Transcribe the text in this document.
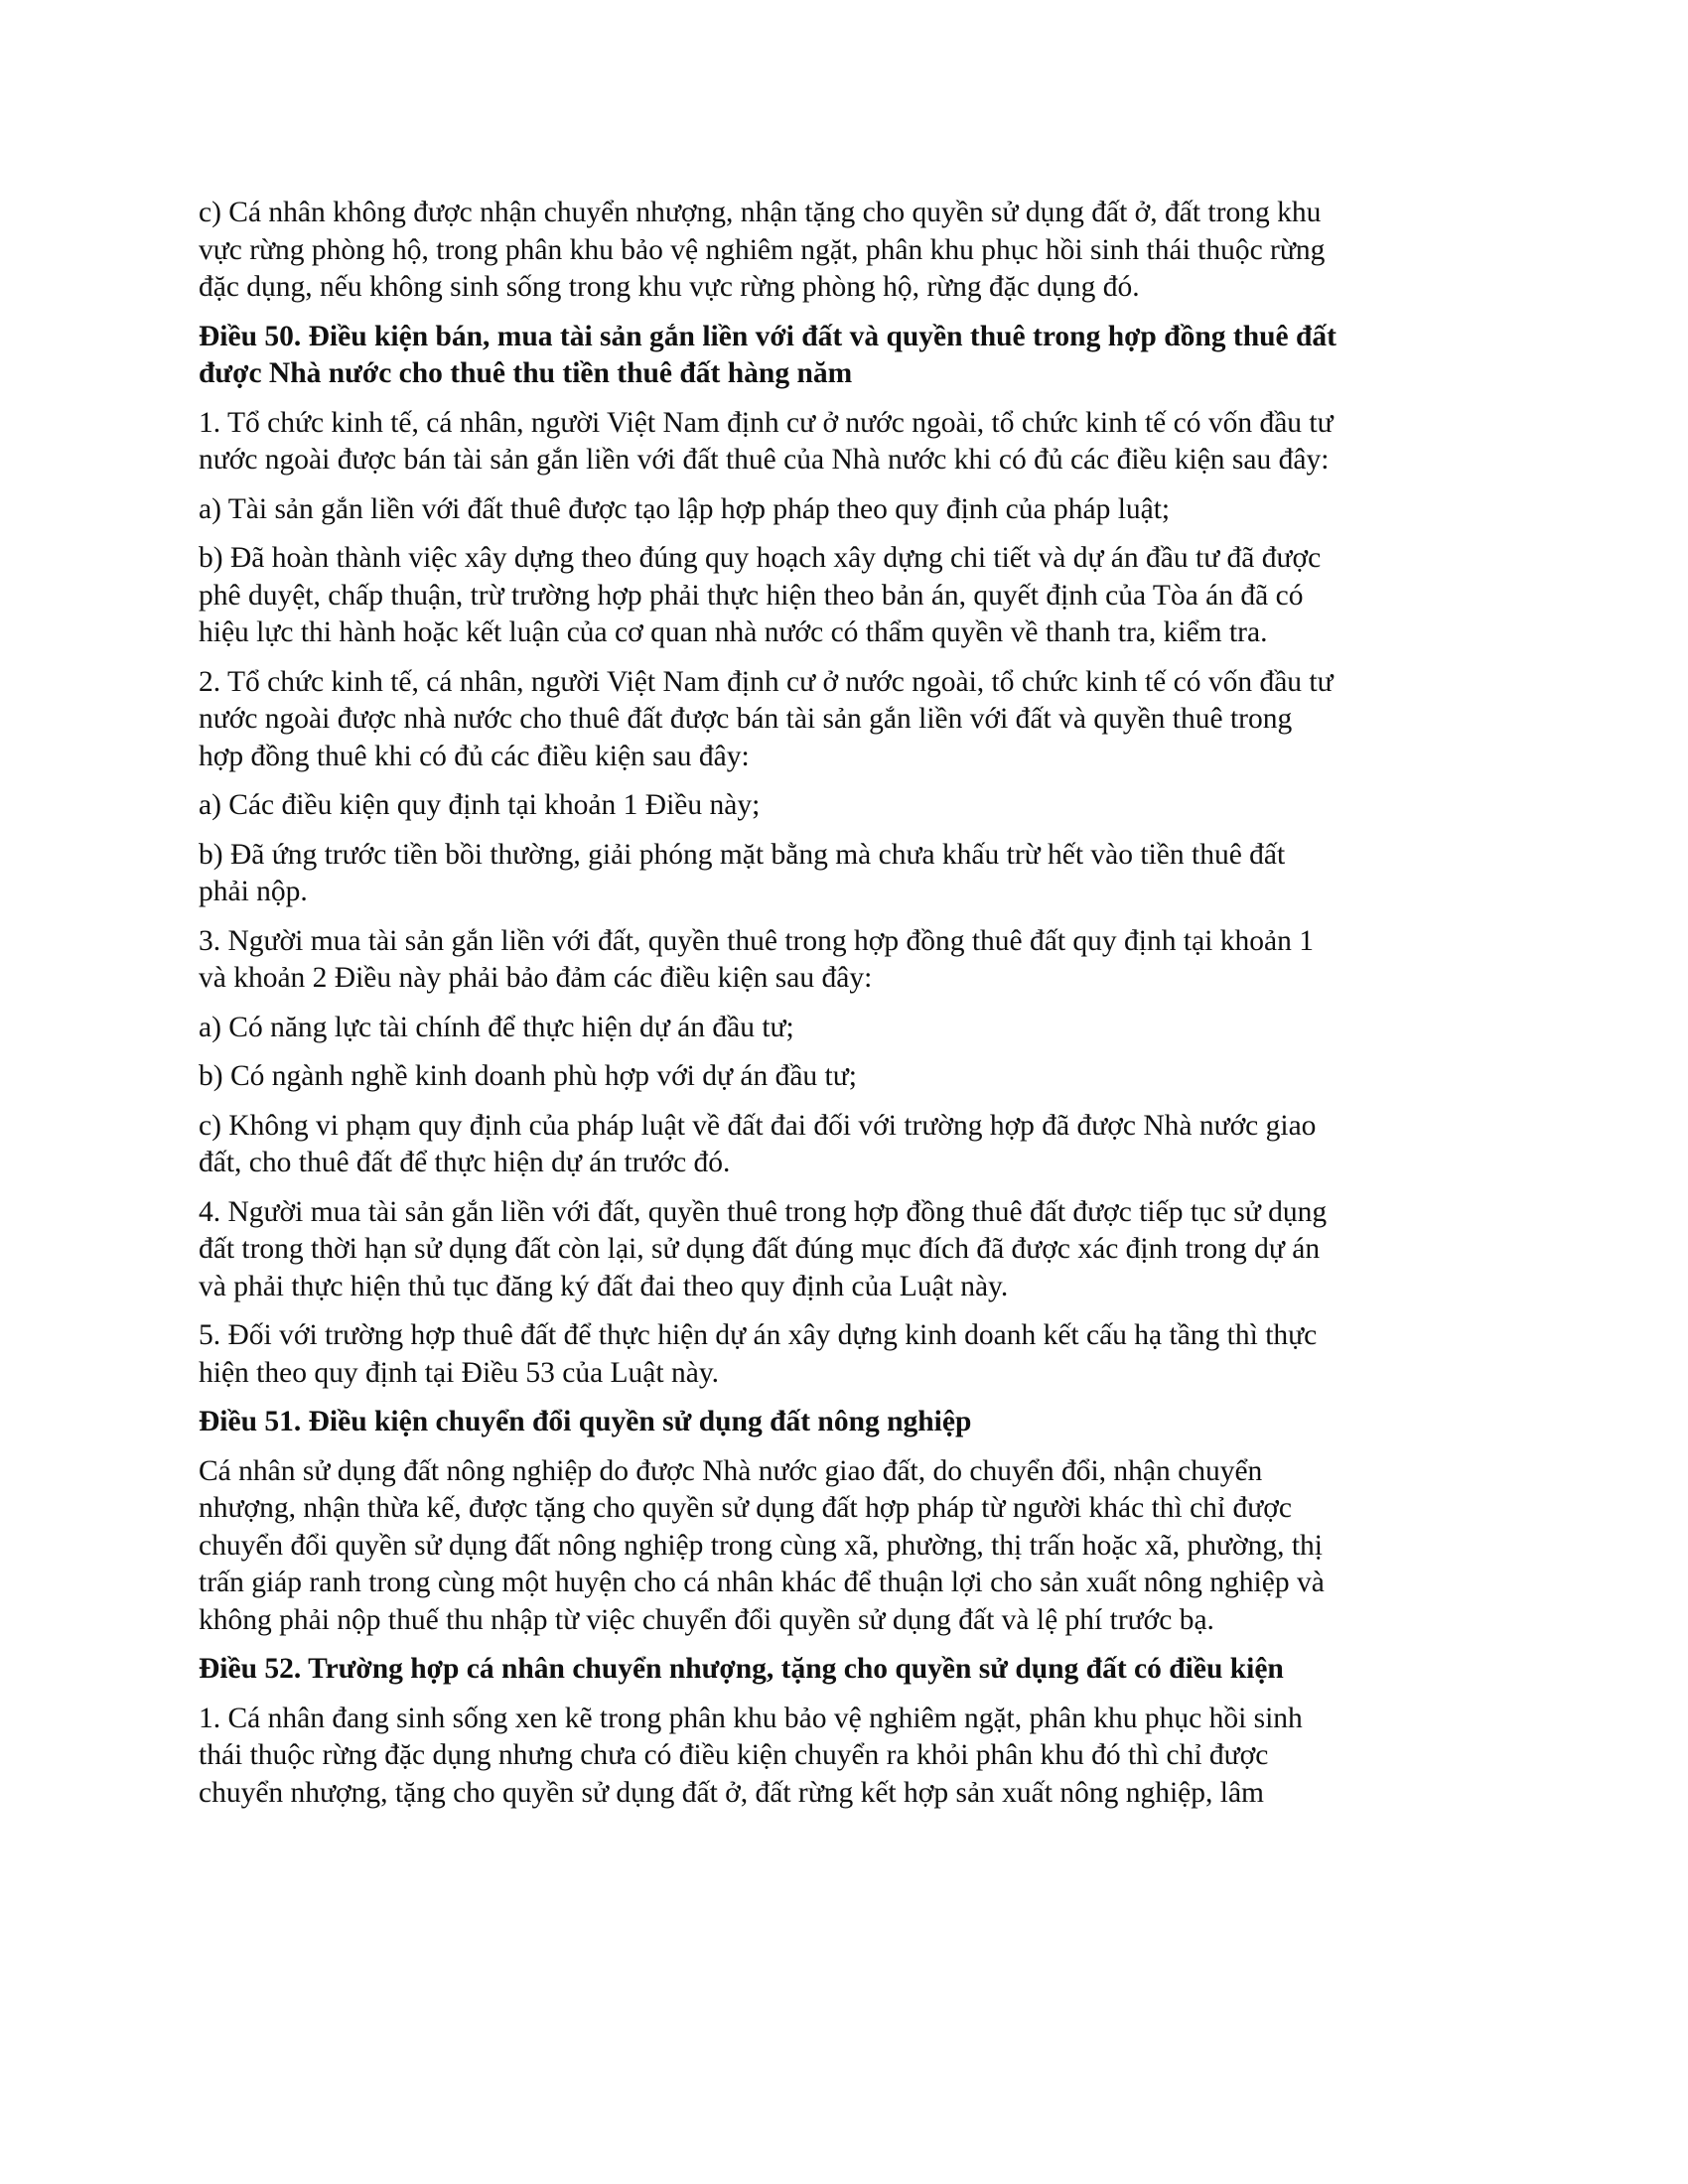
c) Cá nhân không được nhận chuyển nhượng, nhận tặng cho quyền sử dụng đất ở, đất trong khu
vực rừng phòng hộ, trong phân khu bảo vệ nghiêm ngặt, phân khu phục hồi sinh thái thuộc rừng
đặc dụng, nếu không sinh sống trong khu vực rừng phòng hộ, rừng đặc dụng đó.

Điều 50. Điều kiện bán, mua tài sản gắn liền với đất và quyền thuê trong hợp đồng thuê đất
được Nhà nước cho thuê thu tiền thuê đất hàng năm

1. Tổ chức kinh tế, cá nhân, người Việt Nam định cư ở nước ngoài, tổ chức kinh tế có vốn đầu tư
nước ngoài được bán tài sản gắn liền với đất thuê của Nhà nước khi có đủ các điều kiện sau đây:

a) Tài sản gắn liền với đất thuê được tạo lập hợp pháp theo quy định của pháp luật;

b) Đã hoàn thành việc xây dựng theo đúng quy hoạch xây dựng chi tiết và dự án đầu tư đã được
phê duyệt, chấp thuận, trừ trường hợp phải thực hiện theo bản án, quyết định của Tòa án đã có
hiệu lực thi hành hoặc kết luận của cơ quan nhà nước có thẩm quyền về thanh tra, kiểm tra.

2. Tổ chức kinh tế, cá nhân, người Việt Nam định cư ở nước ngoài, tổ chức kinh tế có vốn đầu tư
nước ngoài được nhà nước cho thuê đất được bán tài sản gắn liền với đất và quyền thuê trong
hợp đồng thuê khi có đủ các điều kiện sau đây:

a) Các điều kiện quy định tại khoản 1 Điều này;

b) Đã ứng trước tiền bồi thường, giải phóng mặt bằng mà chưa khấu trừ hết vào tiền thuê đất
phải nộp.

3. Người mua tài sản gắn liền với đất, quyền thuê trong hợp đồng thuê đất quy định tại khoản 1
và khoản 2 Điều này phải bảo đảm các điều kiện sau đây:

a) Có năng lực tài chính để thực hiện dự án đầu tư;

b) Có ngành nghề kinh doanh phù hợp với dự án đầu tư;

c) Không vi phạm quy định của pháp luật về đất đai đối với trường hợp đã được Nhà nước giao
đất, cho thuê đất để thực hiện dự án trước đó.

4. Người mua tài sản gắn liền với đất, quyền thuê trong hợp đồng thuê đất được tiếp tục sử dụng
đất trong thời hạn sử dụng đất còn lại, sử dụng đất đúng mục đích đã được xác định trong dự án
và phải thực hiện thủ tục đăng ký đất đai theo quy định của Luật này.

5. Đối với trường hợp thuê đất để thực hiện dự án xây dựng kinh doanh kết cấu hạ tầng thì thực
hiện theo quy định tại Điều 53 của Luật này.

Điều 51. Điều kiện chuyển đổi quyền sử dụng đất nông nghiệp

Cá nhân sử dụng đất nông nghiệp do được Nhà nước giao đất, do chuyển đổi, nhận chuyển
nhượng, nhận thừa kế, được tặng cho quyền sử dụng đất hợp pháp từ người khác thì chỉ được
chuyển đổi quyền sử dụng đất nông nghiệp trong cùng xã, phường, thị trấn hoặc xã, phường, thị
trấn giáp ranh trong cùng một huyện cho cá nhân khác để thuận lợi cho sản xuất nông nghiệp và
không phải nộp thuế thu nhập từ việc chuyển đổi quyền sử dụng đất và lệ phí trước bạ.

Điều 52. Trường hợp cá nhân chuyển nhượng, tặng cho quyền sử dụng đất có điều kiện

1. Cá nhân đang sinh sống xen kẽ trong phân khu bảo vệ nghiêm ngặt, phân khu phục hồi sinh
thái thuộc rừng đặc dụng nhưng chưa có điều kiện chuyển ra khỏi phân khu đó thì chỉ được
chuyển nhượng, tặng cho quyền sử dụng đất ở, đất rừng kết hợp sản xuất nông nghiệp, lâm
